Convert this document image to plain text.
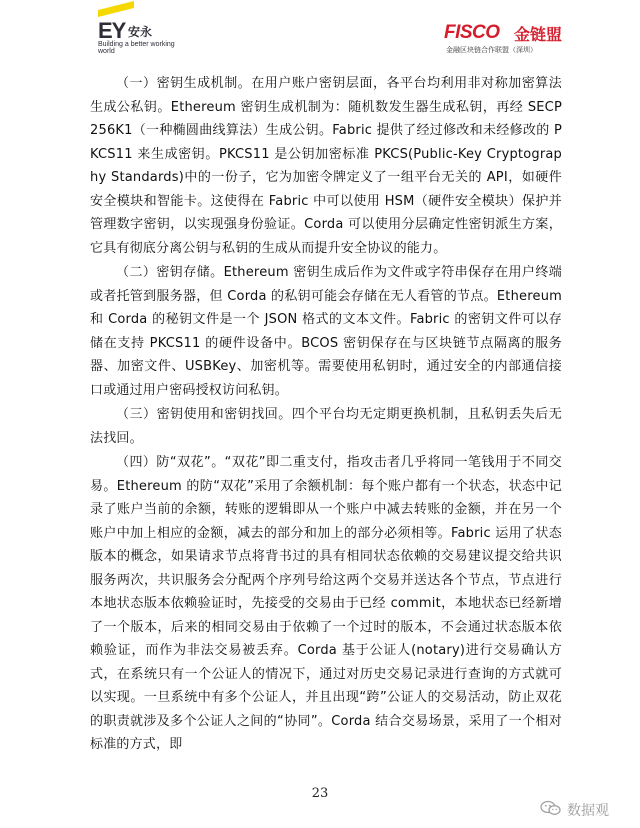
EY 安永
Building a better working world
FISCO 金链盟
金融区块链合作联盟（深圳）

（一）密钥生成机制。在用户账户密钥层面，各平台均利用非对称加密算法生成公私钥。Ethereum 密钥生成机制为：随机数发生器生成私钥，再经 SECP256K1（一种椭圆曲线算法）生成公钥。Fabric 提供了经过修改和未经修改的 PKCS11 来生成密钥。PKCS11 是公钥加密标准 PKCS(Public-Key Cryptography Standards)中的一份子，它为加密令牌定义了一组平台无关的 API，如硬件安全模块和智能卡。这使得在 Fabric 中可以使用 HSM（硬件安全模块）保护并管理数字密钥，以实现强身份验证。Corda 可以使用分层确定性密钥派生方案，它具有彻底分离公钥与私钥的生成从而提升安全协议的能力。

（二）密钥存储。Ethereum 密钥生成后作为文件或字符串保存在用户终端或者托管到服务器，但 Corda 的私钥可能会存储在无人看管的节点。Ethereum 和 Corda 的秘钥文件是一个 JSON 格式的文本文件。Fabric 的密钥文件可以存储在支持 PKCS11 的硬件设备中。BCOS 密钥保存在与区块链节点隔离的服务器、加密文件、USBKey、加密机等。需要使用私钥时，通过安全的内部通信接口或通过用户密码授权访问私钥。

（三）密钥使用和密钥找回。四个平台均无定期更换机制，且私钥丢失后无法找回。

（四）防“双花”。“双花”即二重支付，指攻击者几乎将同一笔钱用于不同交易。Ethereum 的防“双花”采用了余额机制：每个账户都有一个状态，状态中记录了账户当前的余额，转账的逻辑即从一个账户中减去转账的金额，并在另一个账户中加上相应的金额，减去的部分和加上的部分必须相等。Fabric 运用了状态版本的概念，如果请求节点将背书过的具有相同状态依赖的交易建议提交给共识服务两次，共识服务会分配两个序列号给这两个交易并送达各个节点，节点进行本地状态版本依赖验证时，先接受的交易由于已经 commit，本地状态已经新增了一个版本，后来的相同交易由于依赖了一个过时的版本，不会通过状态版本依赖验证，而作为非法交易被丢弃。Corda 基于公证人(notary)进行交易确认方式，在系统只有一个公证人的情况下，通过对历史交易记录进行查询的方式就可以实现。一旦系统中有多个公证人，并且出现“跨”公证人的交易活动，防止双花的职责就涉及多个公证人之间的“协同”。Corda 结合交易场景，采用了一个相对标准的方式，即

23
数据观
